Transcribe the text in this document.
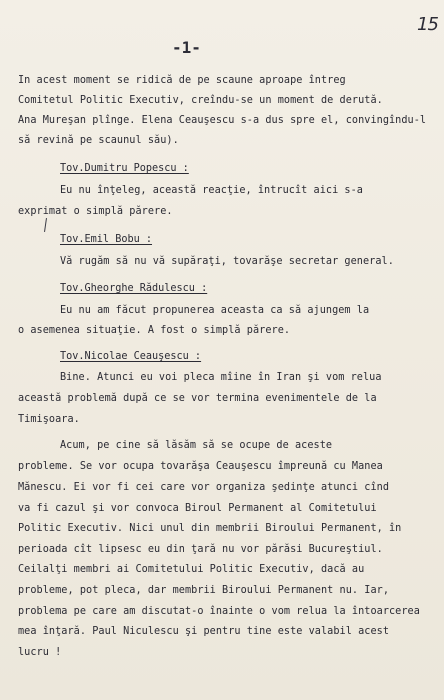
15
-1-
In acest moment se ridică de pe scaune aproape întreg
Comitetul Politic Executiv, creîndu-se un moment de derută.
Ana Mureşan plînge. Elena Ceauşescu s-a dus spre el, convingîndu-l
să revină pe scaunul său).
Tov.Dumitru Popescu :
Eu nu înţeleg, această reacţie, întrucît aici s-a
exprimat o simplă părere.
Tov.Emil Bobu :
Vă rugăm să nu vă supăraţi, tovarăşe secretar general.
Tov.Gheorghe Rădulescu :
Eu nu am făcut propunerea aceasta ca să ajungem la
o asemenea situaţie. A fost o simplă părere.
Tov.Nicolae Ceauşescu :
Bine. Atunci eu voi pleca mîine în Iran şi vom relua
această problemă după ce se vor termina evenimentele de la
Timişoara.
Acum, pe cine să lăsăm să se ocupe de aceste
probleme. Se vor ocupa tovarăşa Ceauşescu împreună cu Manea
Mănescu. Ei vor fi cei care vor organiza şedinţe atunci cînd
va fi cazul şi vor convoca Biroul Permanent al Comitetului
Politic Executiv. Nici unul din membrii Biroului Permanent, în
perioada cît lipsesc eu din ţară nu vor părăsi Bucureştiul.
Ceilalţi membri ai Comitetului Politic Executiv, dacă au
probleme, pot pleca, dar membrii Biroului Permanent nu. Iar,
problema pe care am discutat-o înainte o vom relua la întoarcerea
mea înţară. Paul Niculescu şi pentru tine este valabil acest
lucru !
